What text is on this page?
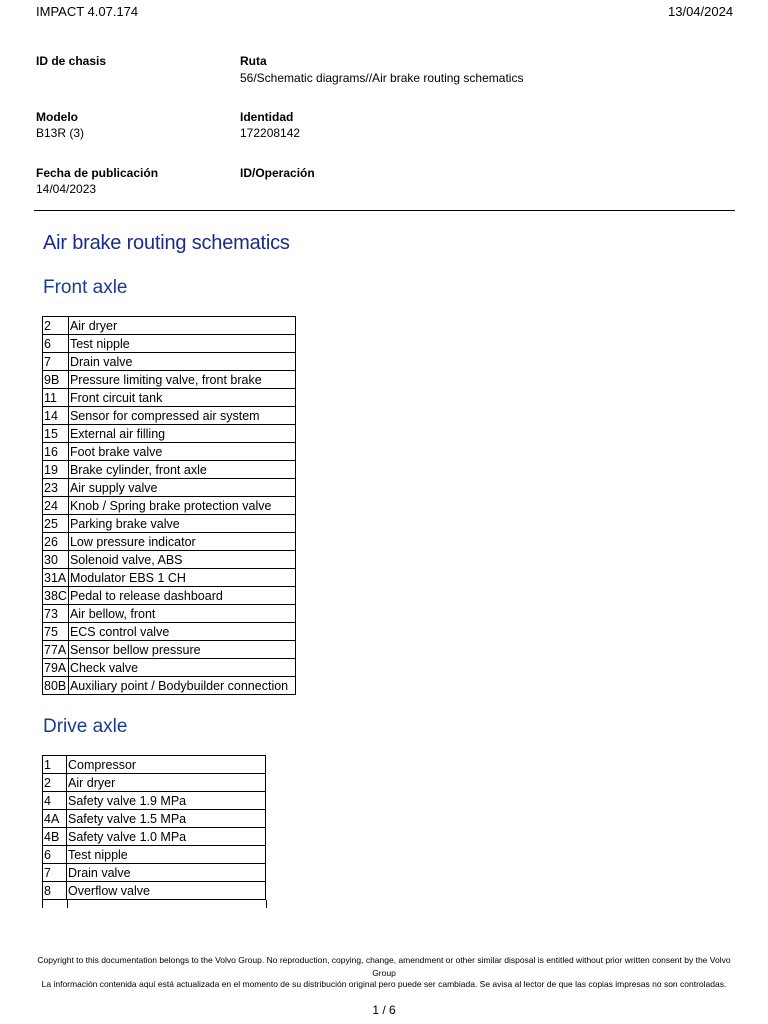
IMPACT 4.07.174	13/04/2024
ID de chasis	Ruta
56/Schematic diagrams//Air brake routing schematics
Modelo
B13R (3)
Identidad
172208142
Fecha de publicación
14/04/2023
ID/Operación
Air brake routing schematics
Front axle
2	Air dryer
6	Test nipple
7	Drain valve
9B	Pressure limiting valve, front brake
11	Front circuit tank
14	Sensor for compressed air system
15	External air filling
16	Foot brake valve
19	Brake cylinder, front axle
23	Air supply valve
24	Knob / Spring brake protection valve
25	Parking brake valve
26	Low pressure indicator
30	Solenoid valve, ABS
31A	Modulator EBS 1 CH
38C	Pedal to release dashboard
73	Air bellow, front
75	ECS control valve
77A	Sensor bellow pressure
79A	Check valve
80B	Auxiliary point / Bodybuilder connection
Drive axle
1	Compressor
2	Air dryer
4	Safety valve 1.9 MPa
4A	Safety valve 1.5 MPa
4B	Safety valve 1.0 MPa
6	Test nipple
7	Drain valve
8	Overflow valve
Copyright to this documentation belongs to the Volvo Group. No reproduction, copying, change, amendment or other similar disposal is entitled without prior written consent by the Volvo Group
La información contenida aquí está actualizada en el momento de su distribución original pero puede ser cambiada. Se avisa al lector de que las copias impresas no son controladas.
1 / 6
